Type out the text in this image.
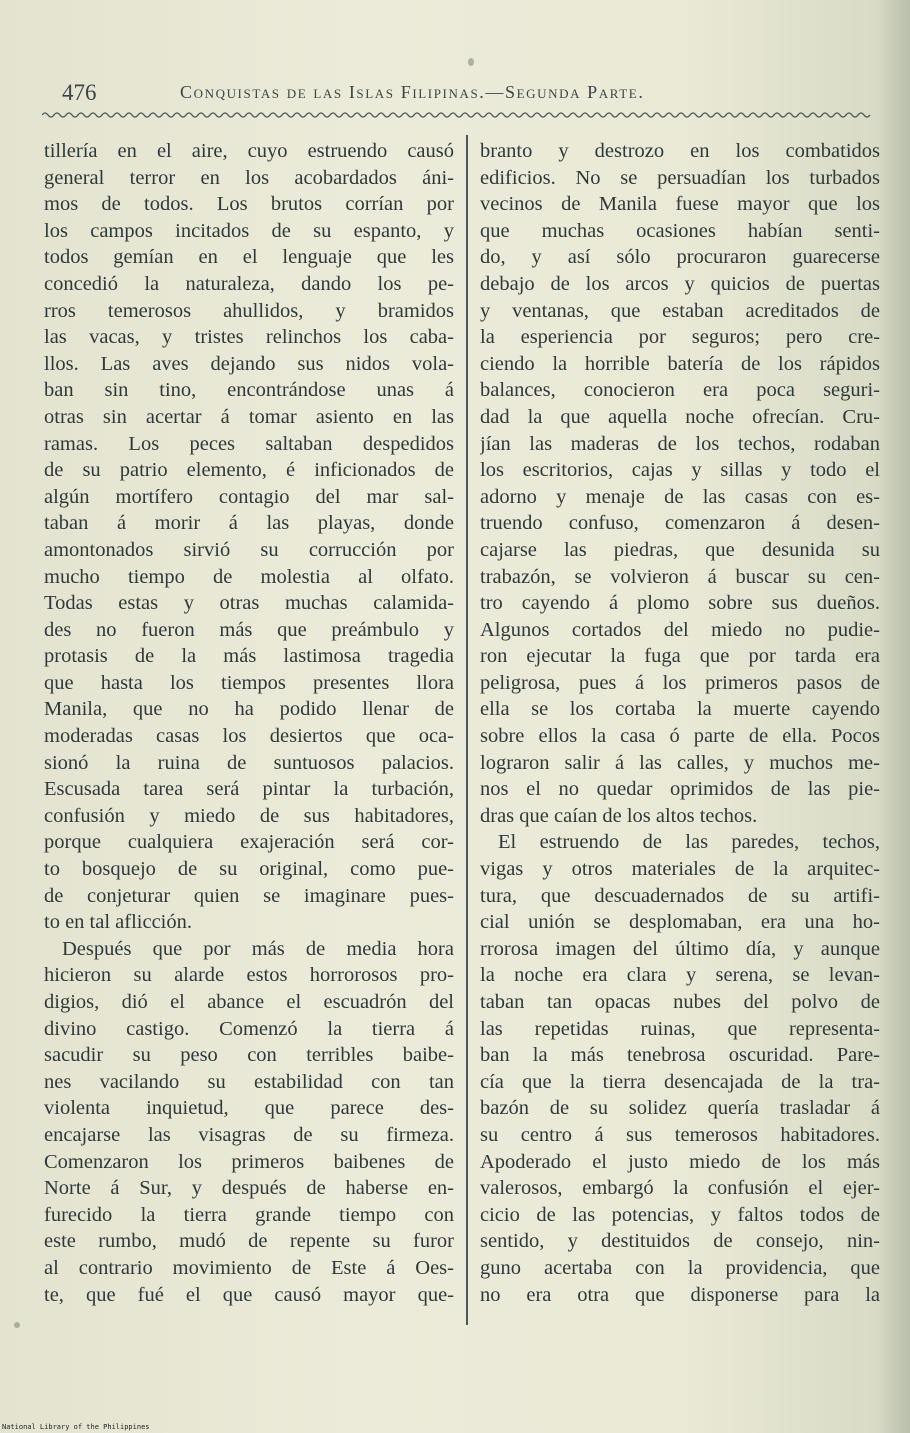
476	Conquistas de las Islas Filipinas.—Segunda Parte.
tillería en el aire, cuyo estruendo causó
general terror en los acobardados áni-
mos de todos. Los brutos corrían por
los campos incitados de su espanto, y
todos gemían en el lenguaje que les
concedió la naturaleza, dando los pe-
rros temerosos ahullidos, y bramidos
las vacas, y tristes relinchos los caba-
llos. Las aves dejando sus nidos vola-
ban sin tino, encontrándose unas á
otras sin acertar á tomar asiento en las
ramas. Los peces saltaban despedidos
de su patrio elemento, é inficionados de
algún mortífero contagio del mar sal-
taban á morir á las playas, donde
amontonados sirvió su corrucción por
mucho tiempo de molestia al olfato.
Todas estas y otras muchas calamida-
des no fueron más que preámbulo y
protasis de la más lastimosa tragedia
que hasta los tiempos presentes llora
Manila, que no ha podido llenar de
moderadas casas los desiertos que oca-
sionó la ruina de suntuosos palacios.
Escusada tarea será pintar la turbación,
confusión y miedo de sus habitadores,
porque cualquiera exajeración será cor-
to bosquejo de su original, como pue-
de conjeturar quien se imaginare pues-
to en tal aflicción.
Después que por más de media hora
hicieron su alarde estos horrorosos pro-
digios, dió el abance el escuadrón del
divino castigo. Comenzó la tierra á
sacudir su peso con terribles baibe-
nes vacilando su estabilidad con tan
violenta inquietud, que parece des-
encajarse las visagras de su firmeza.
Comenzaron los primeros baibenes de
Norte á Sur, y después de haberse en-
furecido la tierra grande tiempo con
este rumbo, mudó de repente su furor
al contrario movimiento de Este á Oes-
te, que fué el que causó mayor que-
branto y destrozo en los combatidos
edificios. No se persuadían los turbados
vecinos de Manila fuese mayor que los
que muchas ocasiones habían senti-
do, y así sólo procuraron guarecerse
debajo de los arcos y quicios de puertas
y ventanas, que estaban acreditados de
la esperiencia por seguros; pero cre-
ciendo la horrible batería de los rápidos
balances, conocieron era poca seguri-
dad la que aquella noche ofrecían. Cru-
jían las maderas de los techos, rodaban
los escritorios, cajas y sillas y todo el
adorno y menaje de las casas con es-
truendo confuso, comenzaron á desen-
cajarse las piedras, que desunida su
trabazón, se volvieron á buscar su cen-
tro cayendo á plomo sobre sus dueños.
Algunos cortados del miedo no pudie-
ron ejecutar la fuga que por tarda era
peligrosa, pues á los primeros pasos de
ella se los cortaba la muerte cayendo
sobre ellos la casa ó parte de ella. Pocos
lograron salir á las calles, y muchos me-
nos el no quedar oprimidos de las pie-
dras que caían de los altos techos.
El estruendo de las paredes, techos,
vigas y otros materiales de la arquitec-
tura, que descuadernados de su artifi-
cial unión se desplomaban, era una ho-
rrorosa imagen del último día, y aunque
la noche era clara y serena, se levan-
taban tan opacas nubes del polvo de
las repetidas ruinas, que representa-
ban la más tenebrosa oscuridad. Pare-
cía que la tierra desencajada de la tra-
bazón de su solidez quería trasladar á
su centro á sus temerosos habitadores.
Apoderado el justo miedo de los más
valerosos, embargó la confusión el ejer-
cicio de las potencias, y faltos todos de
sentido, y destituidos de consejo, nin-
guno acertaba con la providencia, que
no era otra que disponerse para la
National Library of the Philippines
